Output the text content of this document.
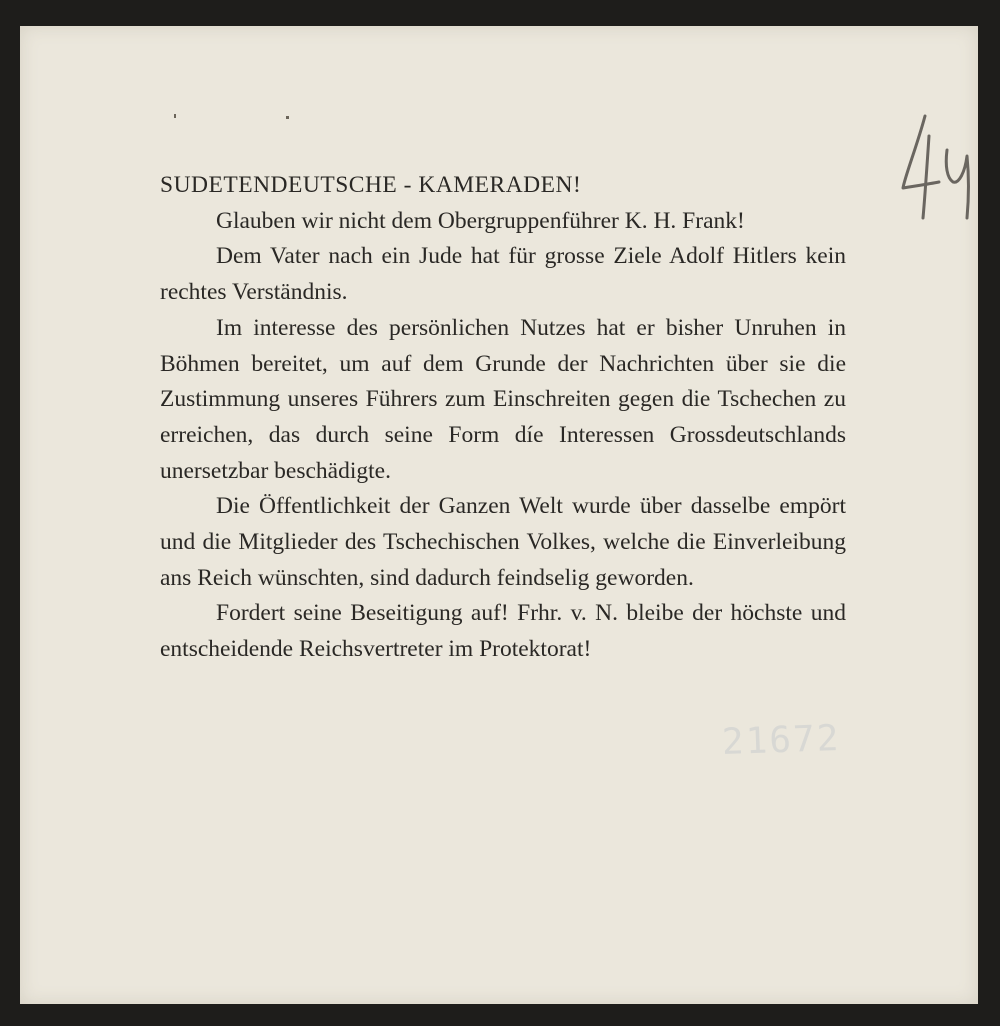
21672

SUDETENDEUTSCHE - KAMERADEN!

Glauben wir nicht dem Obergruppenführer K. H. Frank!

Dem Vater nach ein Jude hat für grosse Ziele Adolf Hitlers kein rechtes Verständnis.

Im interesse des persönlichen Nutzes hat er bisher Unruhen in Böhmen bereitet, um auf dem Grunde der Nachrichten über sie die Zustimmung unseres Führers zum Einschreiten gegen die Tschechen zu erreichen, das durch seine Form díe Interessen Grossdeutschlands unersetzbar beschädigte.

Die Öffentlichkeit der Ganzen Welt wurde über dasselbe empört und die Mitglieder des Tschechischen Volkes, welche die Einverleibung ans Reich wünschten, sind dadurch feindselig geworden.

Fordert seine Beseitigung auf! Frhr. v. N. bleibe der höchste und entscheidende Reichsvertreter im Protektorat!
